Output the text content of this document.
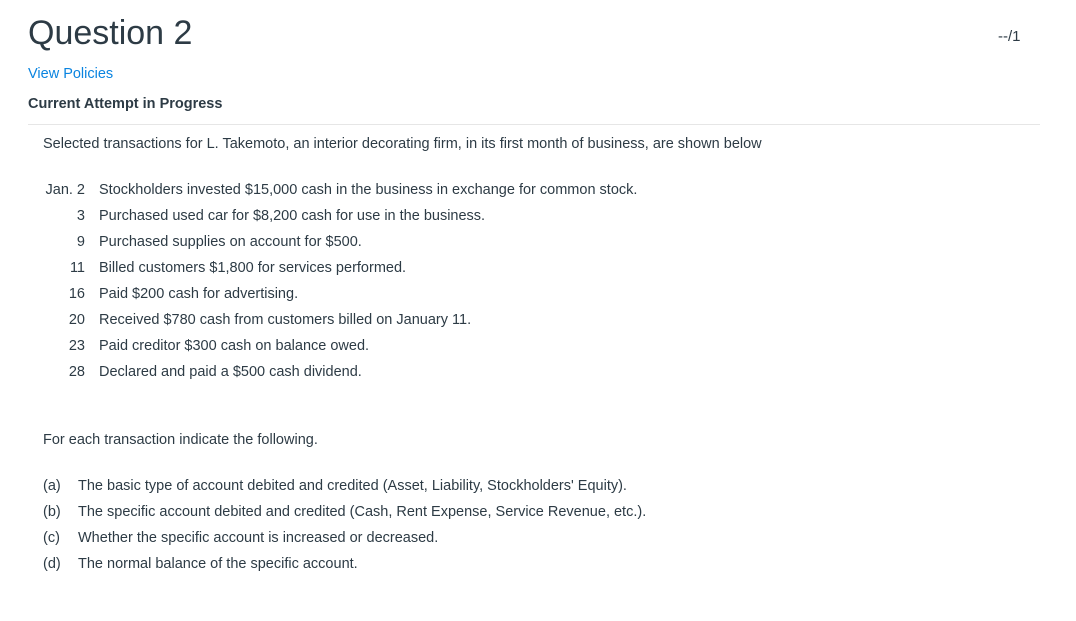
Question 2	--/1
View Policies
Current Attempt in Progress
Selected transactions for L. Takemoto, an interior decorating firm, in its first month of business, are shown below
Jan. 2 Stockholders invested $15,000 cash in the business in exchange for common stock.
3 Purchased used car for $8,200 cash for use in the business.
9 Purchased supplies on account for $500.
11 Billed customers $1,800 for services performed.
16 Paid $200 cash for advertising.
20 Received $780 cash from customers billed on January 11.
23 Paid creditor $300 cash on balance owed.
28 Declared and paid a $500 cash dividend.
For each transaction indicate the following.
(a)	The basic type of account debited and credited (Asset, Liability, Stockholders' Equity).
(b)	The specific account debited and credited (Cash, Rent Expense, Service Revenue, etc.).
(c)	Whether the specific account is increased or decreased.
(d)	The normal balance of the specific account.
